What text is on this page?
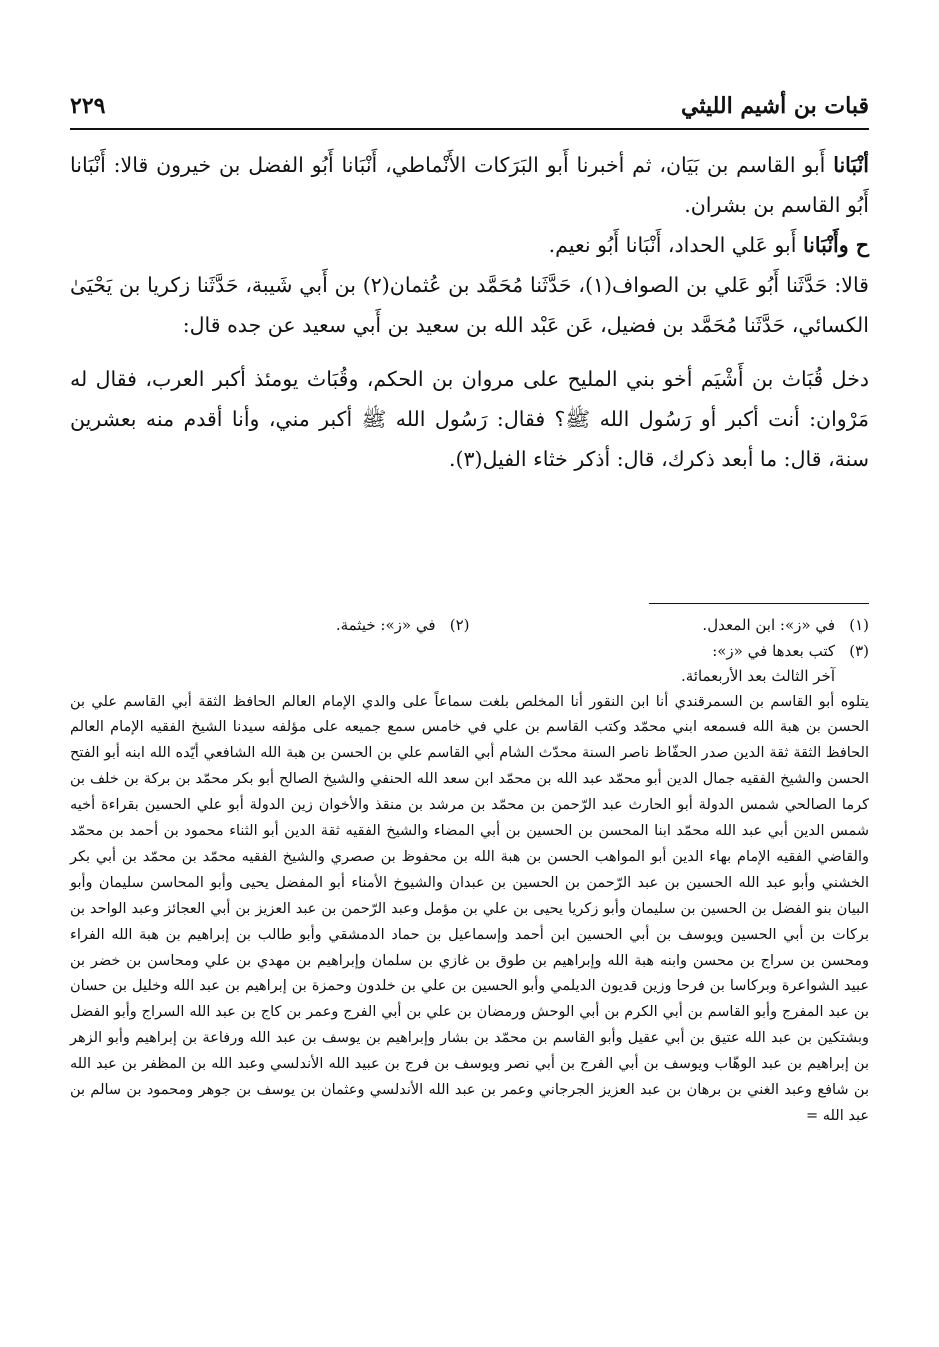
قبات بن أشيم الليثي
٢٢٩

أنْبَانا أَبو القاسم بن بَيَان، ثم أخبرنا أَبو البَرَكات الأَنْماطي، أَنْبَانا أَبُو الفضل بن خيرون قالا: أَنْبَانا أَبُو القاسم بن بشران.

ح وأَنْبَانا أَبو عَلي الحداد، أَنْبَانا أَبُو نعيم.

قالا: حَدَّثَنا أَبُو عَلي بن الصواف(١)، حَدَّثَنا مُحَمَّد بن عُثمان(٢) بن أَبي شَيبة، حَدَّثَنا زكريا بن يَحْيَىٰ الكسائي، حَدَّثَنا مُحَمَّد بن فضيل، عَن عَبْد الله بن سعيد بن أَبي سعيد عن جده قال:

دخل قُبَاث بن أَشْيَم أخو بني المليح على مروان بن الحكم، وقُبَاث يومئذ أكبر العرب، فقال له مَرْوان: أنت أكبر أو رَسُول الله ﷺ؟ فقال: رَسُول الله ﷺ أكبر مني، وأنا أقدم منه بعشرين سنة، قال: ما أبعد ذكرك، قال: أذكر خثاء الفيل(٣).

(١)في «ز»: ابن المعدل.
(٢)في «ز»: خيثمة.

(٣)كتب بعدها في «ز»:

آخر الثالث بعد الأربعمائة.

يتلوه أبو القاسم بن السمرقندي أنا ابن النقور أنا المخلص بلغت سماعاً على والدي الإمام العالم الحافظ الثقة أبي القاسم علي بن الحسن بن هبة الله فسمعه ابني محمّد وكتب القاسم بن علي في خامس سمع جميعه على مؤلفه سيدنا الشيخ الفقيه الإمام العالم الحافظ الثقة ثقة الدين صدر الحفّاظ ناصر السنة محدّث الشام أبي القاسم علي بن الحسن بن هبة الله الشافعي أيّده الله ابنه أبو الفتح الحسن والشيخ الفقيه جمال الدين أبو محمّد عبد الله بن محمّد ابن سعد الله الحنفي والشيخ الصالح أبو بكر محمّد بن بركة بن خلف بن كرما الصالحي شمس الدولة أبو الحارث عبد الرّحمن بن محمّد بن مرشد بن منقذ والأخوان زين الدولة أبو علي الحسين بقراءة أخيه شمس الدين أبي عبد الله محمّد ابنا المحسن بن الحسين بن أبي المضاء والشيخ الفقيه ثقة الدين أبو الثناء محمود بن أحمد بن محمّد والقاضي الفقيه الإمام بهاء الدين أبو المواهب الحسن بن هبة الله بن محفوظ بن صصري والشيخ الفقيه محمّد بن محمّد بن أبي بكر الخشني وأبو عبد الله الحسين بن عبد الرّحمن بن الحسين بن عبدان والشيوخ الأمناء أبو المفضل يحيى وأبو المحاسن سليمان وأبو البيان بنو الفضل بن الحسين بن سليمان وأبو زكريا يحيى بن علي بن مؤمل وعبد الرّحمن بن عبد العزيز بن أبي العجائز وعبد الواحد بن بركات بن أبي الحسين ويوسف بن أبي الحسين ابن أحمد وإسماعيل بن حماد الدمشقي وأبو طالب بن إبراهيم بن هبة الله الفراء ومحسن بن سراج بن محسن وابنه هبة الله وإبراهيم بن طوق بن غازي بن سلمان وإبراهيم بن مهدي بن علي ومحاسن بن خضر بن عبيد الشواعرة وبركاسا بن فرحا وزين قديون الديلمي وأبو الحسين بن علي بن خلدون وحمزة بن إبراهيم بن عبد الله وخليل بن حسان بن عبد المفرج وأبو القاسم بن أبي الكرم بن أبي الوحش ورمضان بن علي بن أبي الفرج وعمر بن كاج بن عبد الله السراج وأبو الفضل وبشتكين بن عبد الله عتيق بن أبي عقيل وأبو القاسم بن محمّد بن بشار وإبراهيم بن يوسف بن عبد الله ورفاعة بن إبراهيم وأبو الزهر بن إبراهيم بن عبد الوهّاب ويوسف بن أبي الفرج بن أبي نصر ويوسف بن فرج بن عبيد الله الأندلسي وعبد الله بن المظفر بن عبد الله بن شافع وعبد الغني بن برهان بن عبد العزيز الجرجاني وعمر بن عبد الله الأندلسي وعثمان بن يوسف بن جوهر ومحمود بن سالم بن عبد الله =
